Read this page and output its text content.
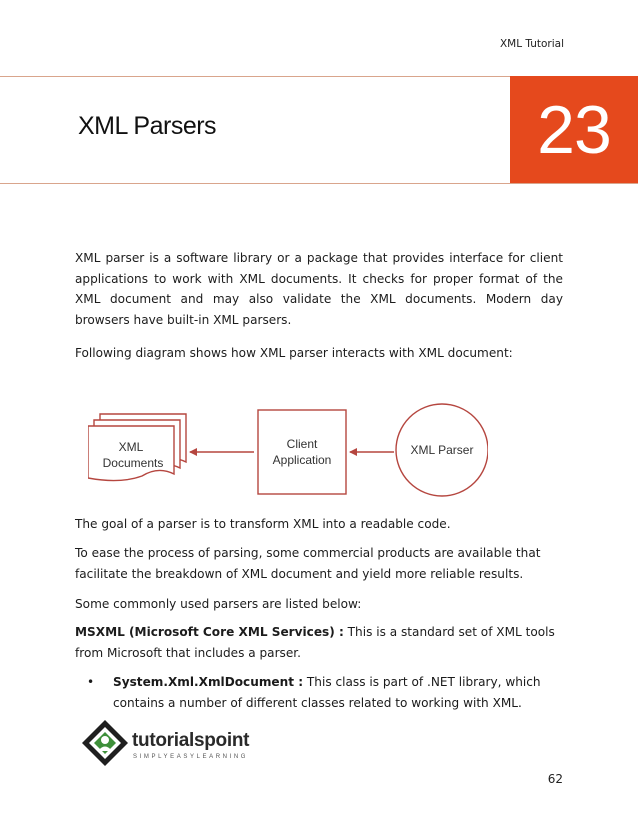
XML Tutorial
XML Parsers	23
XML parser is a software library or a package that provides interface for client applications to work with XML documents. It checks for proper format of the XML document and may also validate the XML documents. Modern day browsers have built-in XML parsers.
Following diagram shows how XML parser interacts with XML document:
XML
Documents
Client
Application
XML Parser
The goal of a parser is to transform XML into a readable code.
To ease the process of parsing, some commercial products are available that facilitate the breakdown of XML document and yield more reliable results.
Some commonly used parsers are listed below:
MSXML (Microsoft Core XML Services) : This is a standard set of XML tools from Microsoft that includes a parser.
• System.Xml.XmlDocument : This class is part of .NET library, which contains a number of different classes related to working with XML.
tutorialspoint
SIMPLYEASYLEARNING
62
